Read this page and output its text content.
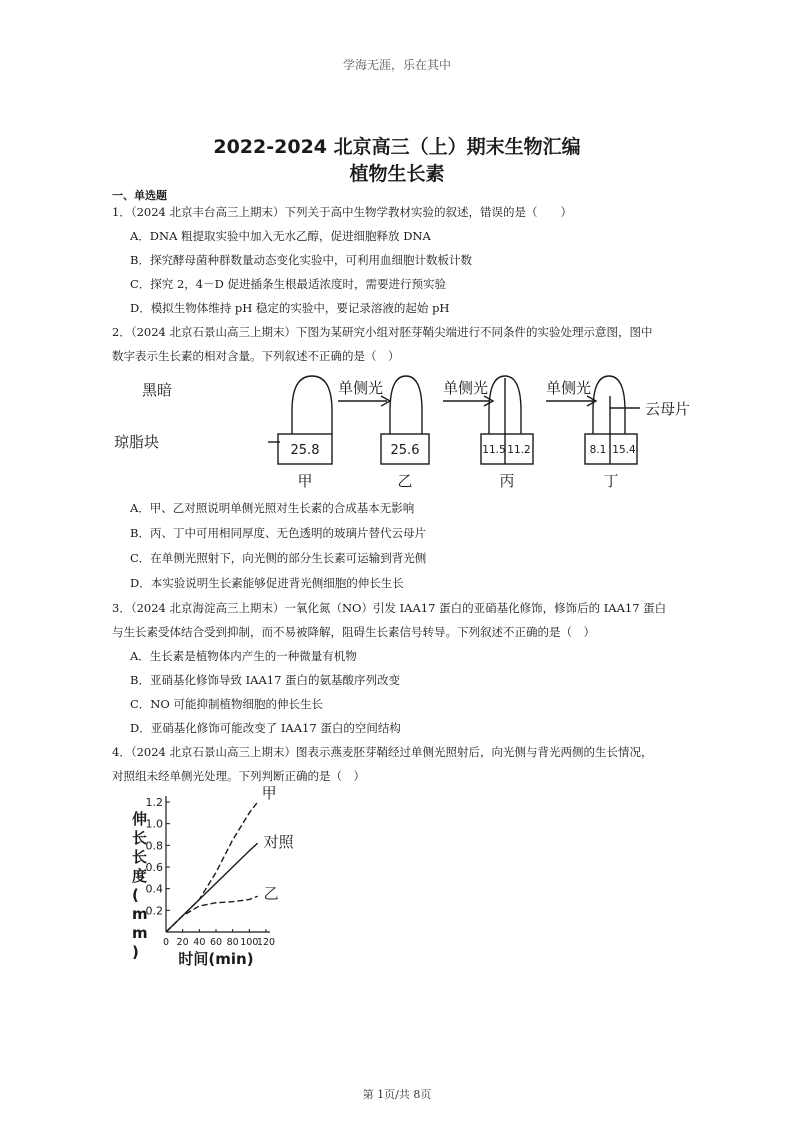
学海无涯，乐在其中
2022-2024 北京高三（上）期末生物汇编
植物生长素
一、单选题
1．（2024 北京丰台高三上期末）下列关于高中生物学教材实验的叙述，错误的是（　　）
A．DNA 粗提取实验中加入无水乙醇，促进细胞释放 DNA
B．探究酵母菌种群数量动态变化实验中，可利用血细胞计数板计数
C．探究 2，4－D 促进插条生根最适浓度时，需要进行预实验
D．模拟生物体维持 pH 稳定的实验中，要记录溶液的起始 pH
2．（2024 北京石景山高三上期末）下图为某研究小组对胚芽鞘尖端进行不同条件的实验处理示意图，图中
数字表示生长素的相对含量。下列叙述不正确的是（　）
黑暗	单侧光	单侧光	单侧光
云母片
琼脂块	25.8	25.6	11.5 11.2	8.1 15.4
甲	乙	丙	丁
A．甲、乙对照说明单侧光照对生长素的合成基本无影响
B．丙、丁中可用相同厚度、无色透明的玻璃片替代云母片
C．在单侧光照射下，向光侧的部分生长素可运输到背光侧
D．本实验说明生长素能够促进背光侧细胞的伸长生长
3．（2024 北京海淀高三上期末）一氧化氮（NO）引发 IAA17 蛋白的亚硝基化修饰，修饰后的 IAA17 蛋白
与生长素受体结合受到抑制，而不易被降解，阻碍生长素信号转导。下列叙述不正确的是（　）
A．生长素是植物体内产生的一种微量有机物
B．亚硝基化修饰导致 IAA17 蛋白的氨基酸序列改变
C．NO 可能抑制植物细胞的伸长生长
D．亚硝基化修饰可能改变了 IAA17 蛋白的空间结构
4．（2024 北京石景山高三上期末）图表示燕麦胚芽鞘经过单侧光照射后，向光侧与背光两侧的生长情况，
对照组未经单侧光处理。下列判断正确的是（　）
0.2
0.4
0.6
0.8
1.0
1.2
0 20 40 60 80 100
120
甲
对照
乙
伸长长度( m m )	时间(min)
第 1页/共 8页
